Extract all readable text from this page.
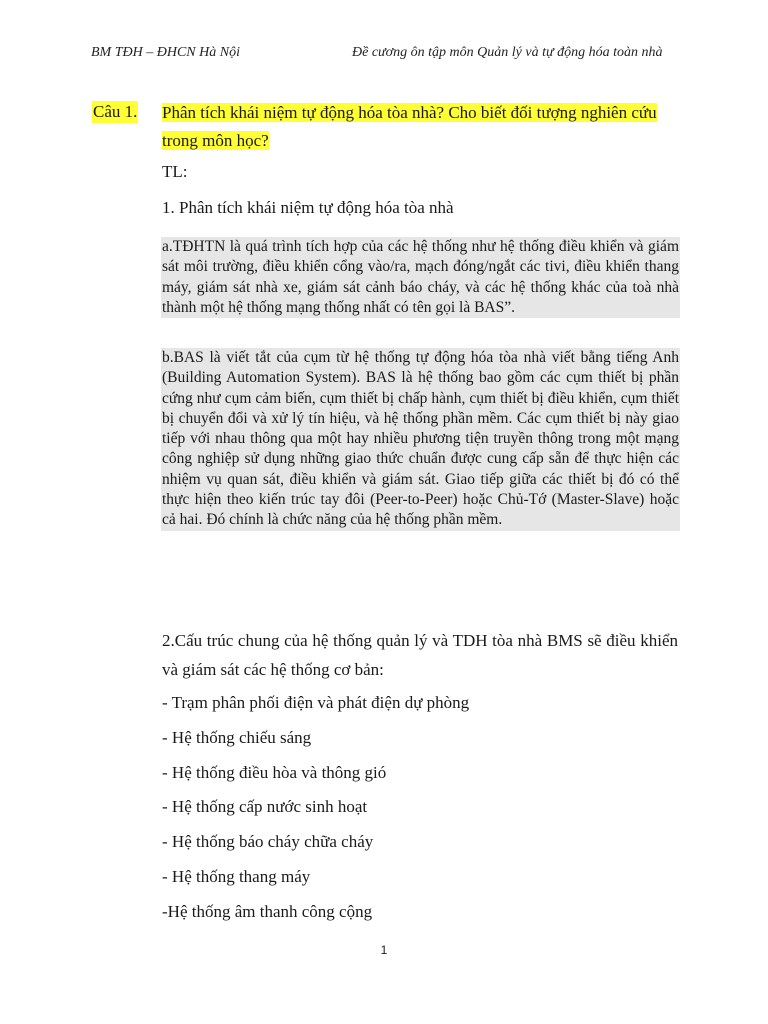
BM TĐH – ĐHCN Hà Nội	Đề cương ôn tập môn Quản lý và tự động hóa toàn nhà
Câu 1. Phân tích khái niệm tự động hóa tòa nhà? Cho biết đối tượng nghiên cứu
trong môn học?
TL:
1. Phân tích khái niệm tự động hóa tòa nhà
a.TĐHTN là quá trình tích hợp của các hệ thống như hệ thống điều khiển và giám sát môi trường, điều khiển cổng vào/ra, mạch đóng/ngắt các tivi, điều khiển thang máy, giám sát nhà xe, giám sát cảnh báo cháy, và các hệ thống khác của toà nhà thành một hệ thống mạng thống nhất có tên gọi là BAS”.
b.BAS là viết tắt của cụm từ hệ thống tự động hóa tòa nhà viết bằng tiếng Anh (Building Automation System). BAS là hệ thống bao gồm các cụm thiết bị phần cứng như cụm cảm biến, cụm thiết bị chấp hành, cụm thiết bị điều khiển, cụm thiết bị chuyển đổi và xử lý tín hiệu, và hệ thống phần mềm. Các cụm thiết bị này giao tiếp với nhau thông qua một hay nhiều phương tiện truyền thông trong một mạng công nghiệp sử dụng những giao thức chuẩn được cung cấp sẵn để thực hiện các nhiệm vụ quan sát, điều khiển và giám sát. Giao tiếp giữa các thiết bị đó có thể thực hiện theo kiến trúc tay đôi (Peer-to-Peer) hoặc Chủ-Tớ (Master-Slave) hoặc cả hai. Đó chính là chức năng của hệ thống phần mềm.
2.Cấu trúc chung của hệ thống quản lý và TDH tòa nhà BMS sẽ điều khiển và giám sát các hệ thống cơ bản:
- Trạm phân phối điện và phát điện dự phòng
- Hệ thống chiếu sáng
- Hệ thống điều hòa và thông gió
- Hệ thống cấp nước sinh hoạt
- Hệ thống báo cháy chữa cháy
- Hệ thống thang máy
-Hệ thống âm thanh công cộng
1
